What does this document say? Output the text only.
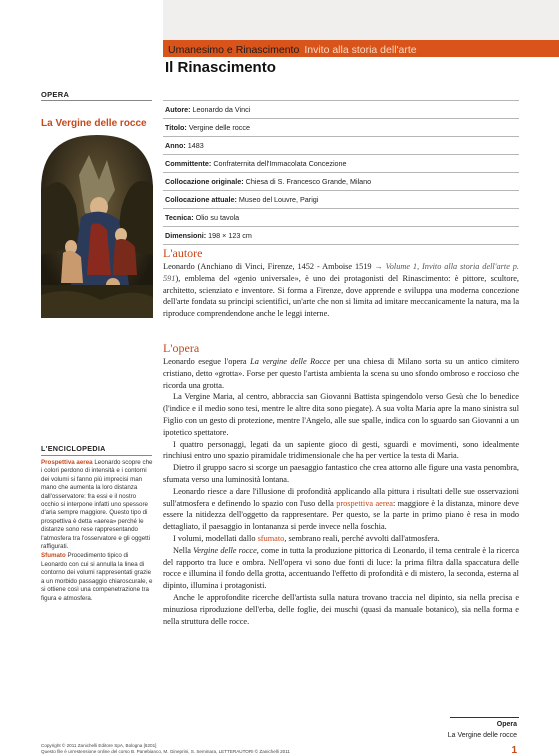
Umanesimo e Rinascimento Invito alla storia dell'arte
Il Rinascimento
OPERA
La Vergine delle rocce
Autore: Leonardo da Vinci
Titolo: Vergine delle rocce
Anno: 1483
Committente: Confraternita dell'Immacolata Concezione
Collocazione originale: Chiesa di S. Francesco Grande, Milano
Collocazione attuale: Museo del Louvre, Parigi
Tecnica: Olio su tavola
Dimensioni: 198 × 123 cm
L'autore

Leonardo (Anchiano di Vinci, Firenze, 1452 - Amboise 1519 → Volume 1, Invito alla storia dell'arte p. 591), emblema del «genio universale», è uno dei protagonisti del Rinascimento: è pittore, scultore, architetto, scienziato e inventore. Si forma a Firenze, dove apprende e sviluppa una moderna concezione dell'arte fondata su principi scientifici, un'arte che non si limita ad imitare meccanicamente la natura, ma la riproduce comprendendone anche le leggi interne.

L'opera

Leonardo esegue l'opera La vergine delle Rocce per una chiesa di Milano sorta su un antico cimitero cristiano, detto «grotta». Forse per questo l'artista ambienta la scena su uno sfondo ombroso e roccioso che ricorda una grotta.

La Vergine Maria, al centro, abbraccia san Giovanni Battista spingendolo verso Gesù che lo benedice (l'indice e il medio sono tesi, mentre le altre dita sono piegate). A sua volta Maria apre la mano sinistra sul Figlio con un gesto di protezione, mentre l'Angelo, alle sue spalle, indica con lo sguardo san Giovanni a un ipotetico spettatore.

I quattro personaggi, legati da un sapiente gioco di gesti, sguardi e movimenti, sono idealmente rinchiusi entro uno spazio piramidale tridimensionale che ha per vertice la testa di Maria.

Dietro il gruppo sacro si scorge un paesaggio fantastico che crea attorno alle figure una vasta penombra, sfumata verso una luminosità lontana.

Leonardo riesce a dare l'illusione di profondità applicando alla pittura i risultati delle sue osservazioni sull'atmosfera e definendo lo spazio con l'uso della prospettiva aerea: maggiore è la distanza, minore deve essere la nitidezza dell'oggetto da rappresentare. Per questo, se la parte in primo piano è resa in modo dettagliato, il paesaggio in lontananza si perde invece nella foschia.

I volumi, modellati dallo sfumato, sembrano reali, perché avvolti dall'atmosfera.

Nella Vergine delle rocce, come in tutta la produzione pittorica di Leonardo, il tema centrale è la ricerca del rapporto tra luce e ombra. Nell'opera vi sono due fonti di luce: la prima filtra dalla spaccatura delle rocce e illumina il fondo della grotta, accentuando l'effetto di profondità e di mistero, la seconda, esterna al dipinto, illumina i protagonisti.

Anche le approfondite ricerche dell'artista sulla natura trovano traccia nel dipinto, sia nella precisa e minuziosa riproduzione dell'erba, delle foglie, dei muschi (quasi da manuale botanico), sia nella forma e nella struttura delle rocce.

L'ENCICLOPEDIA

Prospettiva aerea Leonardo scopre che i colori perdono di intensità e i contorni dei volumi si fanno più imprecisi man mano che aumenta la loro distanza dall'osservatore: fra essi e il nostro occhio si interpone infatti uno spessore d'aria sempre maggiore. Questo tipo di prospettiva è detta «aerea» perché le distanze sono rese rappresentando l'atmosfera tra l'osservatore e gli oggetti raffigurati.

Sfumato Procedimento tipico di Leonardo con cui si annulla la linea di contorno dei volumi rappresentati grazie a un morbido passaggio chiaroscurale, e si ottiene così una compenetrazione tra figura e atmosfera.

Opera
La Vergine delle rocce
1
Copyright © 2011 Zanichelli Editore SpA, Bologna [6201]
Questo file è un'estensione online del corso B. Panebianco, M. Gineprini, S. Seminara, LETTERAUTORI © Zanichelli 2011
